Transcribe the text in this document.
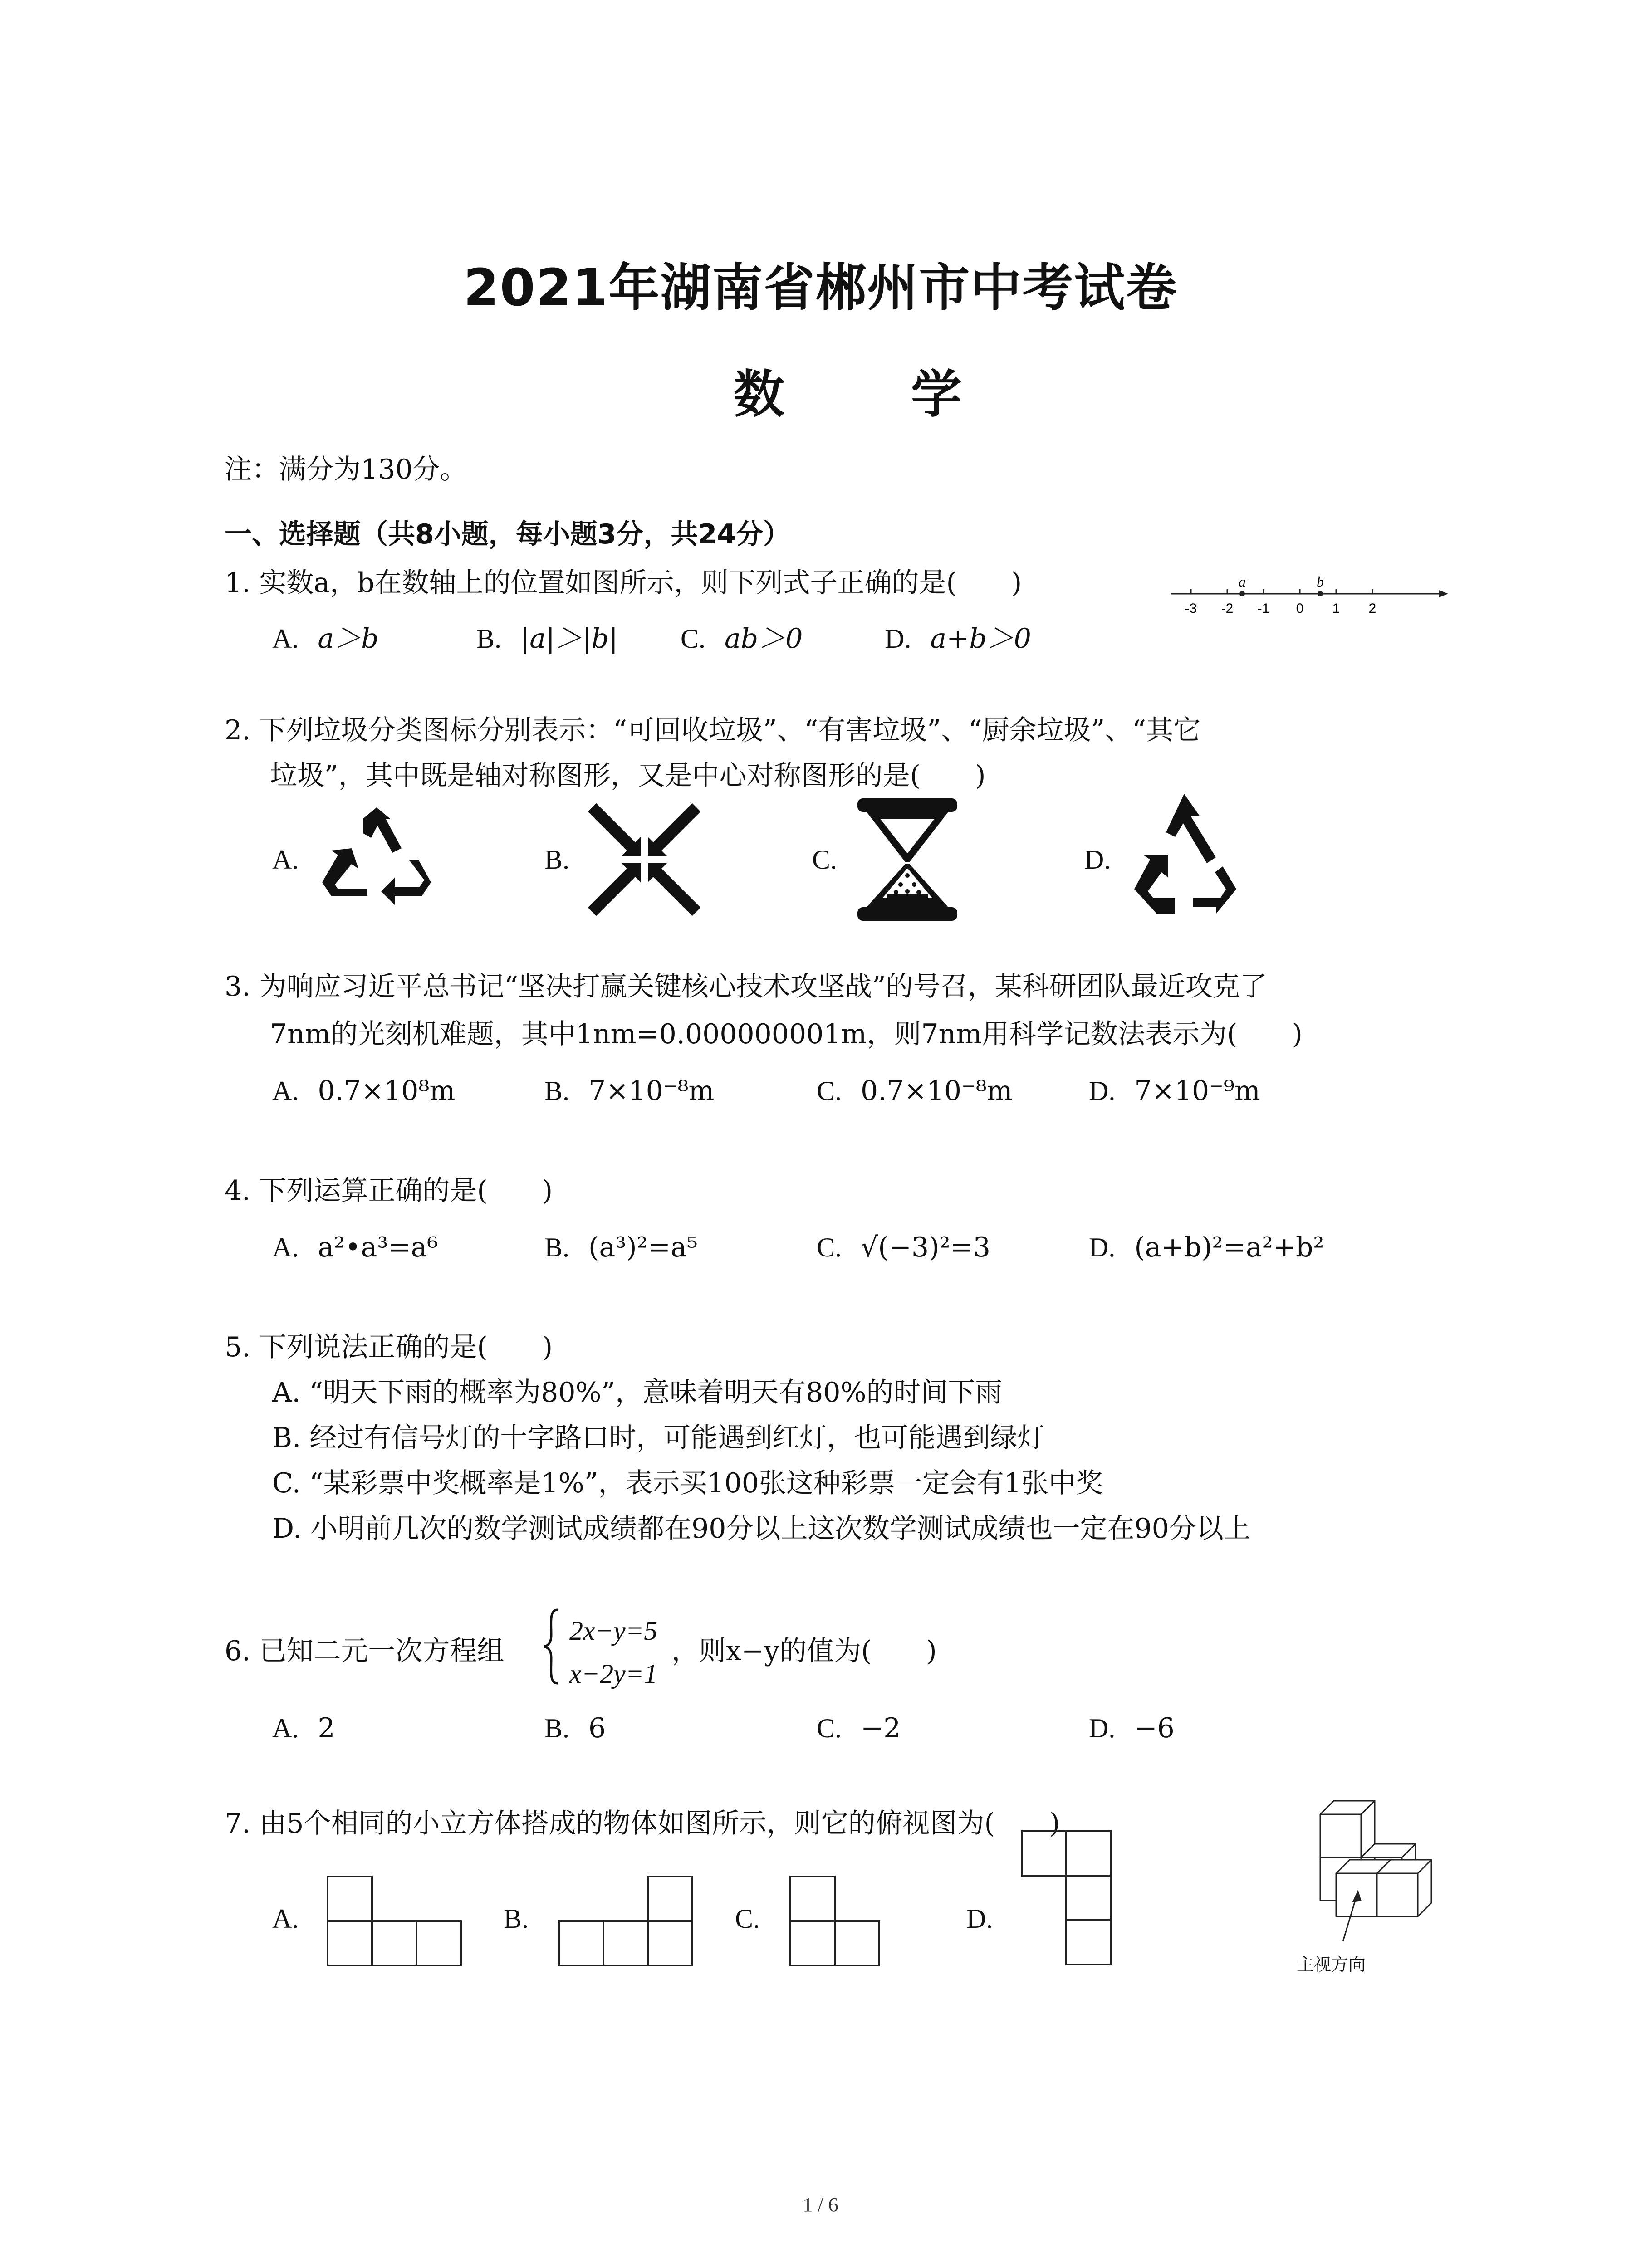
2021年湖南省郴州市中考试卷
数 学
注：满分为130分。
一、选择题（共8小题，每小题3分，共24分）
1. 实数a，b在数轴上的位置如图所示，则下列式子正确的是(　　)
A. a＞b	B. |a|＞|b| C. ab＞0	D. a+b＞0
a	b
-3 -2 -1 0 1 2
2. 下列垃圾分类图标分别表示：“可回收垃圾”、“有害垃圾”、“厨余垃圾”、“其它
垃圾”，其中既是轴对称图形，又是中心对称图形的是(　　)
A.	B.	C.	D.
3. 为响应习近平总书记“坚决打赢关键核心技术攻坚战”的号召，某科研团队最近攻克了
7nm的光刻机难题，其中1nm=0.000000001m，则7nm用科学记数法表示为(　　)
A. 0.7×10⁸m	B. 7×10⁻⁸m	C. 0.7×10⁻⁸m	D. 7×10⁻⁹m
4. 下列运算正确的是(　　)
A. a²•a³=a⁶	B. (a³)²=a⁵	C. √(−3)²=3	D. (a+b)²=a²+b²
5. 下列说法正确的是(　　)
A. “明天下雨的概率为80%”，意味着明天有80%的时间下雨
B. 经过有信号灯的十字路口时，可能遇到红灯，也可能遇到绿灯
C. “某彩票中奖概率是1%”，表示买100张这种彩票一定会有1张中奖
D. 小明前几次的数学测试成绩都在90分以上这次数学测试成绩也一定在90分以上
6. 已知二元一次方程组
2x−y=5
x−2y=1
，则x−y的值为(　　)
A. 2	B. 6	C. −2	D. −6
7. 由5个相同的小立方体搭成的物体如图所示，则它的俯视图为(　　)
A.	B.	C.	D.
主视方向
1 / 6
